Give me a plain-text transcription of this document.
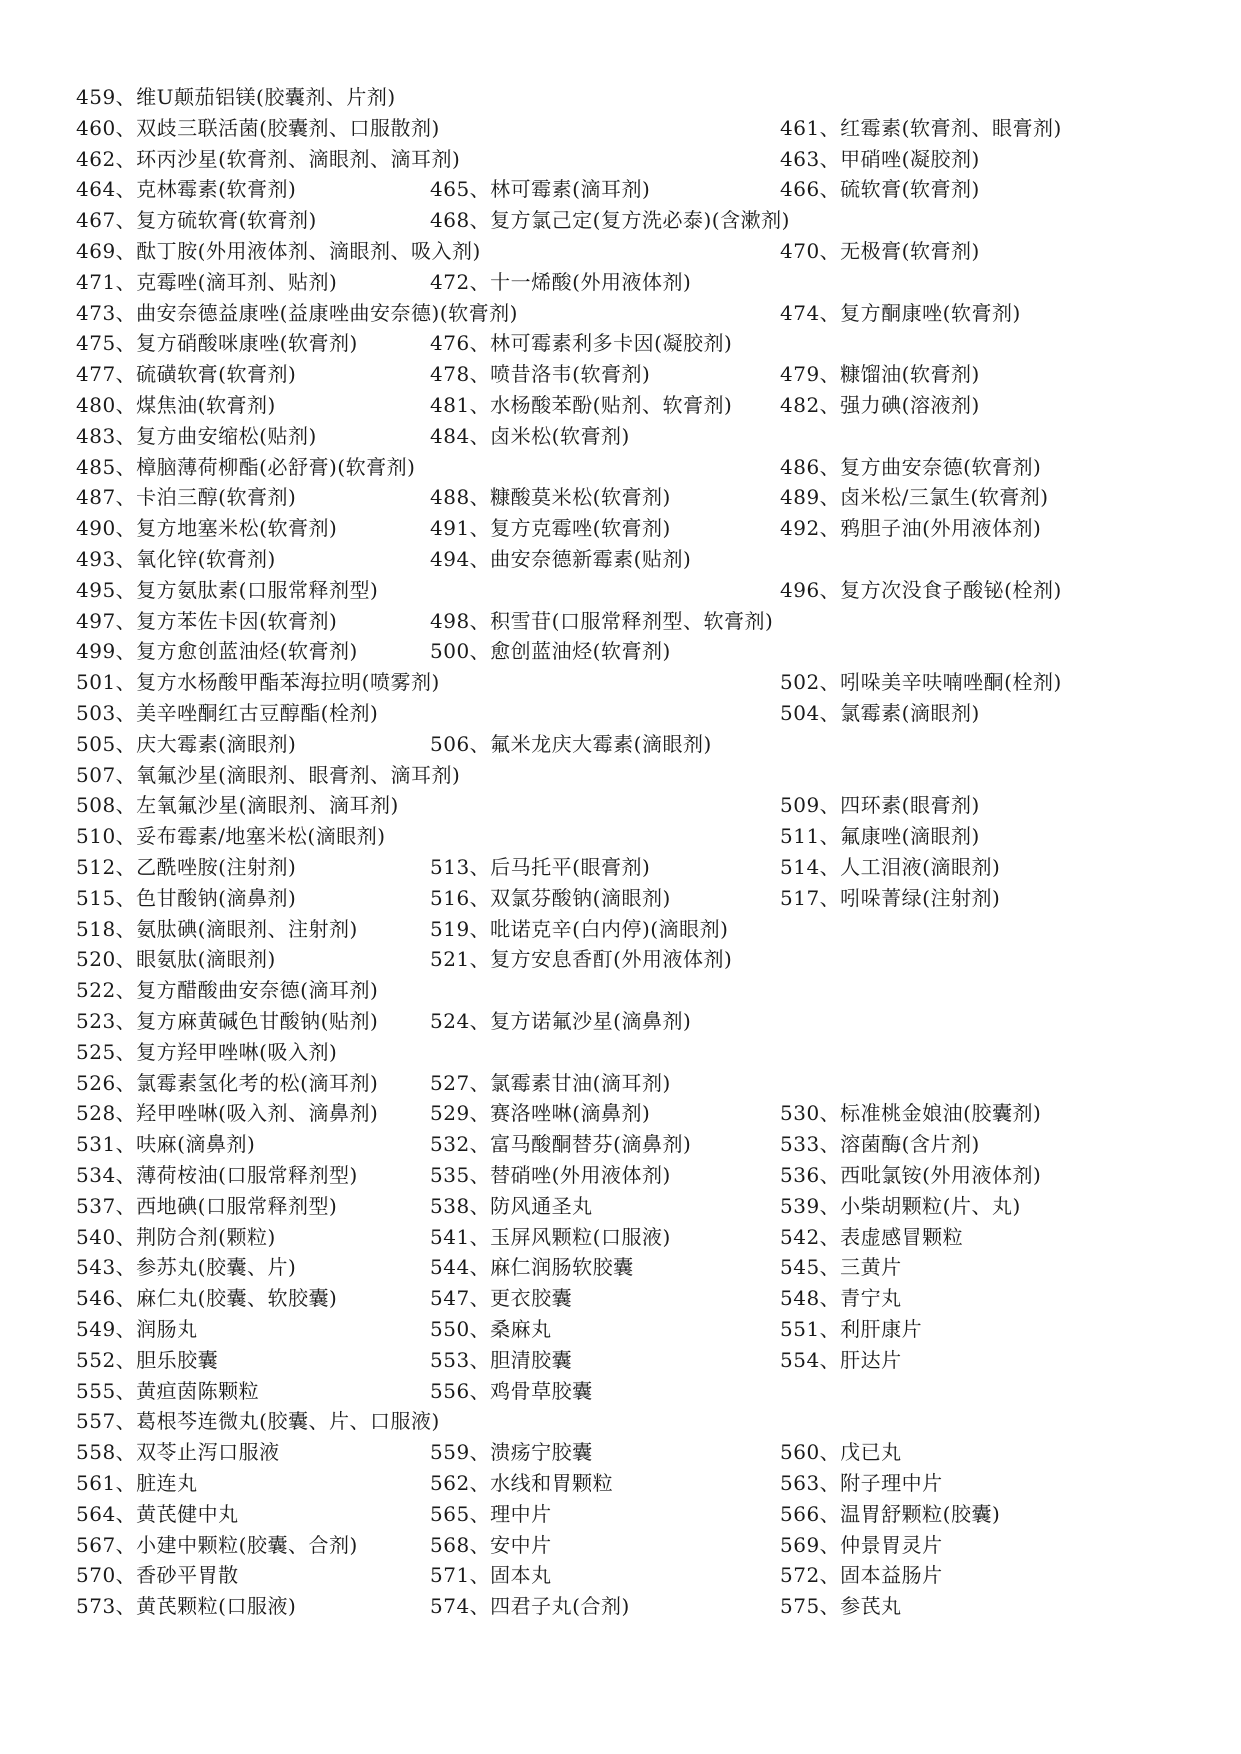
459、维U颠茄铝镁(胶囊剂、片剂)
460、双歧三联活菌(胶囊剂、口服散剂)	461、红霉素(软膏剂、眼膏剂)
462、环丙沙星(软膏剂、滴眼剂、滴耳剂)	463、甲硝唑(凝胶剂)
464、克林霉素(软膏剂)	465、林可霉素(滴耳剂)	466、硫软膏(软膏剂)
467、复方硫软膏(软膏剂)	468、复方氯己定(复方洗必泰)(含漱剂)
469、酞丁胺(外用液体剂、滴眼剂、吸入剂)	470、无极膏(软膏剂)
471、克霉唑(滴耳剂、贴剂)	472、十一烯酸(外用液体剂)
473、曲安奈德益康唑(益康唑曲安奈德)(软膏剂)	474、复方酮康唑(软膏剂)
475、复方硝酸咪康唑(软膏剂)	476、林可霉素利多卡因(凝胶剂)
477、硫磺软膏(软膏剂)	478、喷昔洛韦(软膏剂)	479、糠馏油(软膏剂)
480、煤焦油(软膏剂)	481、水杨酸苯酚(贴剂、软膏剂) 482、强力碘(溶液剂)
483、复方曲安缩松(贴剂)	484、卤米松(软膏剂)
485、樟脑薄荷柳酯(必舒膏)(软膏剂)	486、复方曲安奈德(软膏剂)
487、卡泊三醇(软膏剂)	488、糠酸莫米松(软膏剂)	489、卤米松/三氯生(软膏剂)
490、复方地塞米松(软膏剂)	491、复方克霉唑(软膏剂)	492、鸦胆子油(外用液体剂)
493、氧化锌(软膏剂)	494、曲安奈德新霉素(贴剂)
495、复方氨肽素(口服常释剂型)	496、复方次没食子酸铋(栓剂)
497、复方苯佐卡因(软膏剂)	498、积雪苷(口服常释剂型、软膏剂)
499、复方愈创蓝油烃(软膏剂)	500、愈创蓝油烃(软膏剂)
501、复方水杨酸甲酯苯海拉明(喷雾剂)	502、吲哚美辛呋喃唑酮(栓剂)
503、美辛唑酮红古豆醇酯(栓剂)	504、氯霉素(滴眼剂)
505、庆大霉素(滴眼剂)	506、氟米龙庆大霉素(滴眼剂)
507、氧氟沙星(滴眼剂、眼膏剂、滴耳剂)
508、左氧氟沙星(滴眼剂、滴耳剂)	509、四环素(眼膏剂)
510、妥布霉素/地塞米松(滴眼剂)	511、氟康唑(滴眼剂)
512、乙酰唑胺(注射剂)	513、后马托平(眼膏剂)	514、人工泪液(滴眼剂)
515、色甘酸钠(滴鼻剂)	516、双氯芬酸钠(滴眼剂)	517、吲哚菁绿(注射剂)
518、氨肽碘(滴眼剂、注射剂)	519、吡诺克辛(白内停)(滴眼剂)
520、眼氨肽(滴眼剂)	521、复方安息香酊(外用液体剂)
522、复方醋酸曲安奈德(滴耳剂)
523、复方麻黄碱色甘酸钠(贴剂)	524、复方诺氟沙星(滴鼻剂)
525、复方羟甲唑啉(吸入剂)
526、氯霉素氢化考的松(滴耳剂)	527、氯霉素甘油(滴耳剂)
528、羟甲唑啉(吸入剂、滴鼻剂)	529、赛洛唑啉(滴鼻剂)	530、标准桃金娘油(胶囊剂)
531、呋麻(滴鼻剂)	532、富马酸酮替芬(滴鼻剂)	533、溶菌酶(含片剂)
534、薄荷桉油(口服常释剂型)	535、替硝唑(外用液体剂)	536、西吡氯铵(外用液体剂)
537、西地碘(口服常释剂型)	538、防风通圣丸	539、小柴胡颗粒(片、丸)
540、荆防合剂(颗粒)	541、玉屏风颗粒(口服液)	542、表虚感冒颗粒
543、参苏丸(胶囊、片)	544、麻仁润肠软胶囊	545、三黄片
546、麻仁丸(胶囊、软胶囊)	547、更衣胶囊	548、青宁丸
549、润肠丸	550、桑麻丸	551、利肝康片
552、胆乐胶囊	553、胆清胶囊	554、肝达片
555、黄疸茵陈颗粒	556、鸡骨草胶囊
557、葛根芩连微丸(胶囊、片、口服液)
558、双苓止泻口服液	559、溃疡宁胶囊	560、戊已丸
561、脏连丸	562、水线和胃颗粒	563、附子理中片
564、黄芪健中丸	565、理中片	566、温胃舒颗粒(胶囊)
567、小建中颗粒(胶囊、合剂)	568、安中片	569、仲景胃灵片
570、香砂平胃散	571、固本丸	572、固本益肠片
573、黄芪颗粒(口服液)	574、四君子丸(合剂)	575、参芪丸
